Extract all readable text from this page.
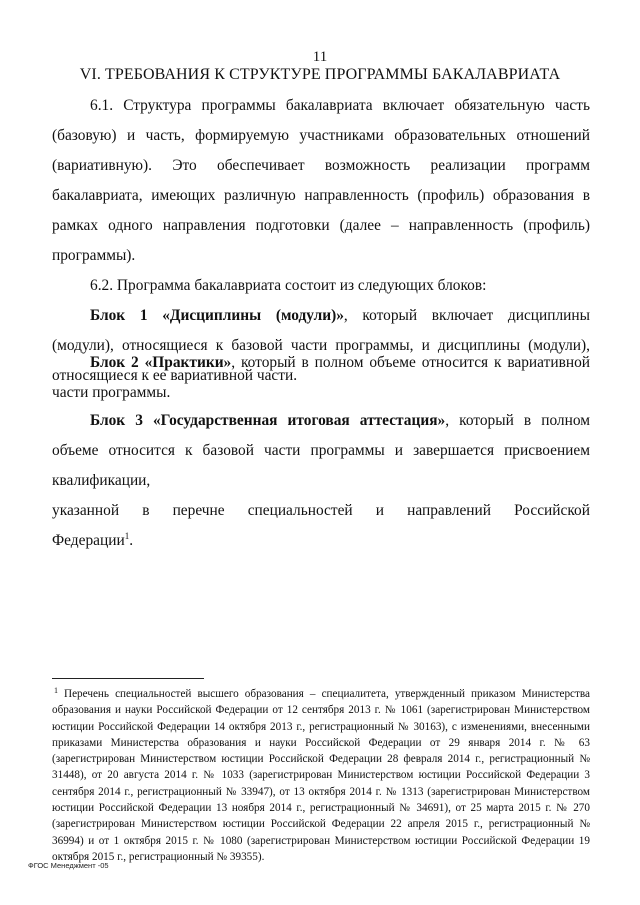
11
VI. ТРЕБОВАНИЯ К СТРУКТУРЕ ПРОГРАММЫ БАКАЛАВРИАТА

6.1. Структура программы бакалавриата включает обязательную часть (базовую) и часть, формируемую участниками образовательных отношений (вариативную). Это обеспечивает возможность реализации программ бакалавриата, имеющих различную направленность (профиль) образования в рамках одного направления подготовки (далее – направленность (профиль) программы).

6.2. Программа бакалавриата состоит из следующих блоков:

Блок 1 «Дисциплины (модули)», который включает дисциплины (модули), относящиеся к базовой части программы, и дисциплины (модули), относящиеся к ее вариативной части.

Блок 2 «Практики», который в полном объеме относится к вариативной части программы.

Блок 3 «Государственная итоговая аттестация», который в полном объеме относится к базовой части программы и завершается присвоением квалификации,

указанной в перечне специальностей и направлений Российской

Федерации$^1$.

$^1$ Перечень специальностей высшего образования – специалитета, утвержденный приказом Министерства образования и науки Российской Федерации от 12 сентября 2013 г. № 1061 (зарегистрирован Министерством юстиции Российской Федерации 14 октября 2013 г., регистрационный № 30163), с изменениями, внесенными приказами Министерства образования и науки Российской Федерации от 29 января 2014 г. № 63 (зарегистрирован Министерством юстиции Российской Федерации 28 февраля 2014 г., регистрационный № 31448), от 20 августа 2014 г. № 1033 (зарегистрирован Министерством юстиции Российской Федерации 3 сентября 2014 г., регистрационный № 33947), от 13 октября 2014 г. № 1313 (зарегистрирован Министерством юстиции Российской Федерации 13 ноября 2014 г., регистрационный № 34691), от 25 марта 2015 г. № 270 (зарегистрирован Министерством юстиции Российской Федерации 22 апреля 2015 г., регистрационный № 36994) и от 1 октября 2015 г. № 1080 (зарегистрирован Министерством юстиции Российской Федерации 19 октября 2015 г., регистрационный № 39355).
ФГОС Менеджмент -05
